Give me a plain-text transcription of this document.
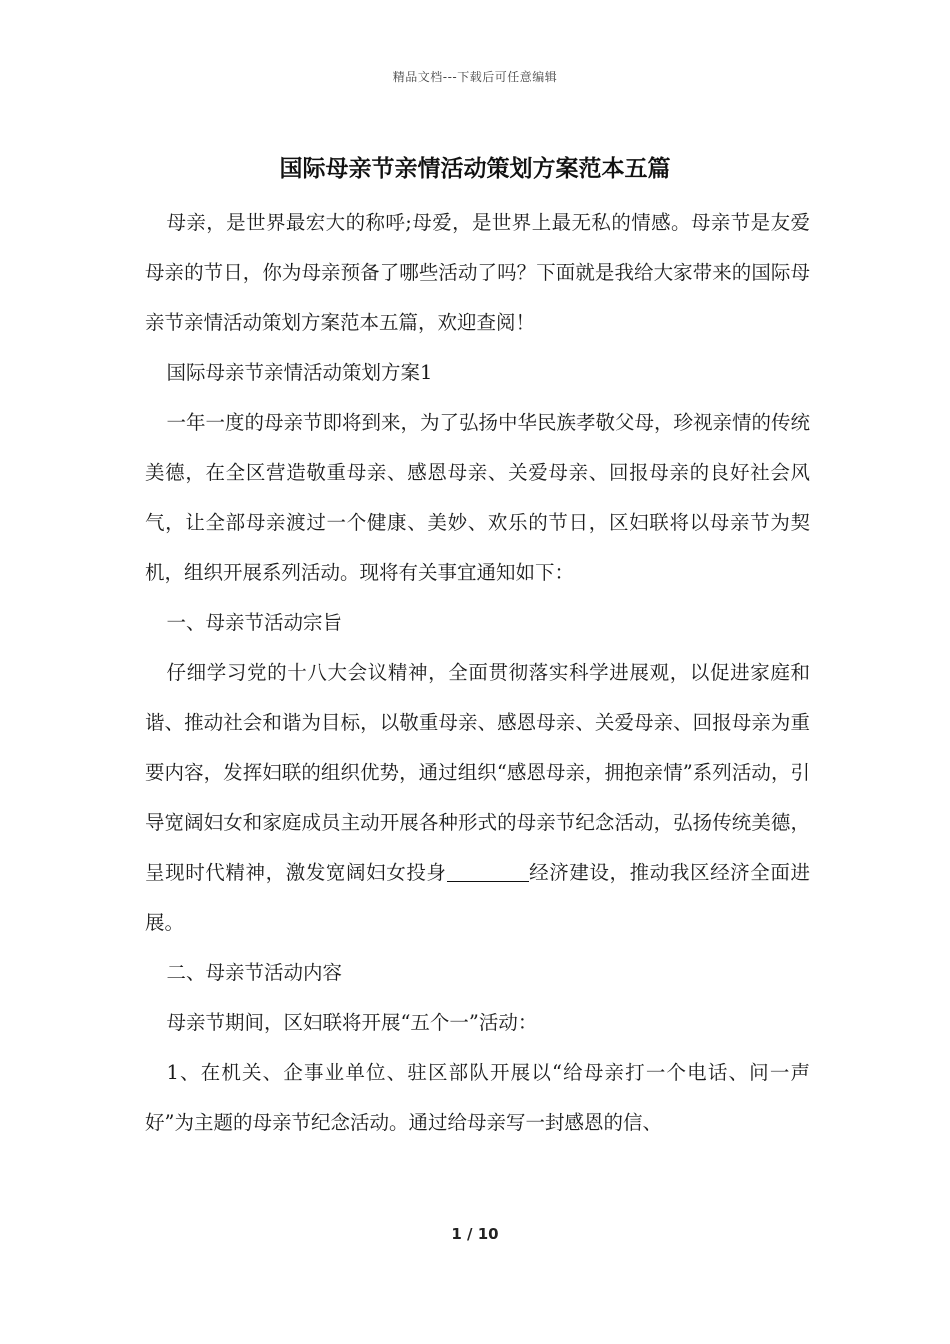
精品文档---下载后可任意编辑
国际母亲节亲情活动策划方案范本五篇

母亲，是世界最宏大的称呼;母爱，是世界上最无私的情感。母亲节是友爱母亲的节日，你为母亲预备了哪些活动了吗？下面就是我给大家带来的国际母亲节亲情活动策划方案范本五篇，欢迎查阅！

国际母亲节亲情活动策划方案1

一年一度的母亲节即将到来，为了弘扬中华民族孝敬父母，珍视亲情的传统美德，在全区营造敬重母亲、感恩母亲、关爱母亲、回报母亲的良好社会风气，让全部母亲渡过一个健康、美妙、欢乐的节日，区妇联将以母亲节为契机，组织开展系列活动。现将有关事宜通知如下：

一、母亲节活动宗旨

仔细学习党的十八大会议精神，全面贯彻落实科学进展观，以促进家庭和谐、推动社会和谐为目标，以敬重母亲、感恩母亲、关爱母亲、回报母亲为重要内容，发挥妇联的组织优势，通过组织“感恩母亲，拥抱亲情”系列活动，引导宽阔妇女和家庭成员主动开展各种形式的母亲节纪念活动，弘扬传统美德，呈现时代精神，激发宽阔妇女投身	经济建设，推动我区经济全面进展。

二、母亲节活动内容

母亲节期间，区妇联将开展“五个一”活动：

1、在机关、企事业单位、驻区部队开展以“给母亲打一个电话、问一声好”为主题的母亲节纪念活动。通过给母亲写一封感恩的信、

1 / 10
